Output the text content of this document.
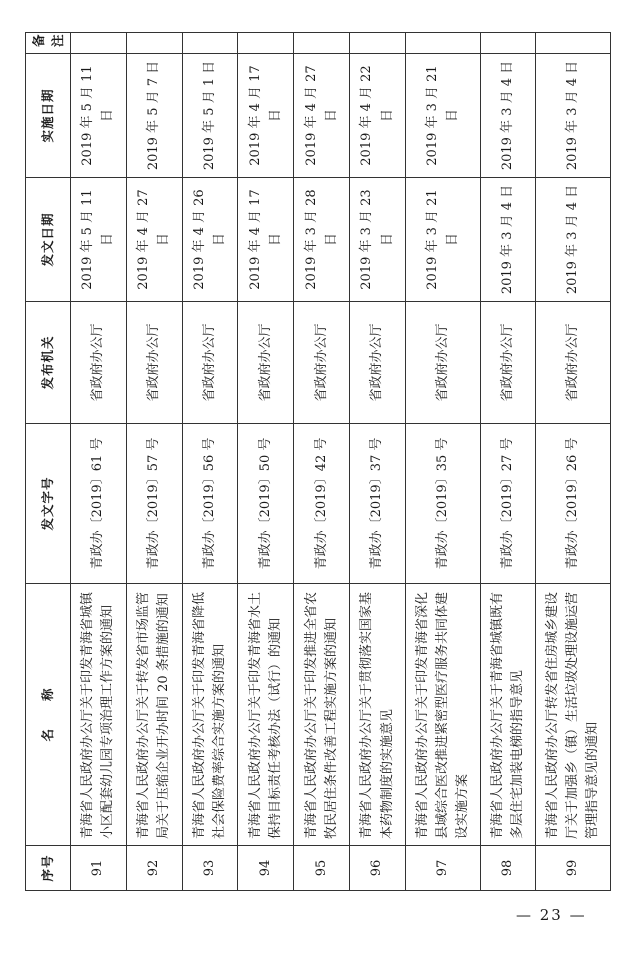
序号	名　　称	发文字号	发布机关	发文日期	实施日期	备注
91	青海省人民政府办公厅关于印发青海省城镇小区配套幼儿园专项治理工作方案的通知	青政办〔2019〕61 号	省政府办公厅	2019 年 5 月 11 日	2019 年 5 月 11 日	
92	青海省人民政府办公厅关于转发省市场监管局关于压缩企业开办时间 20 条措施的通知	青政办〔2019〕57 号	省政府办公厅	2019 年 4 月 27 日	2019 年 5 月 7 日	
93	青海省人民政府办公厅关于印发青海省降低社会保险费率综合实施方案的通知	青政办〔2019〕56 号	省政府办公厅	2019 年 4 月 26 日	2019 年 5 月 1 日	
94	青海省人民政府办公厅关于印发青海省水土保持目标责任考核办法（试行）的通知	青政办〔2019〕50 号	省政府办公厅	2019 年 4 月 17 日	2019 年 4 月 17 日	
95	青海省人民政府办公厅关于印发推进全省农牧民居住条件改善工程实施方案的通知	青政办〔2019〕42 号	省政府办公厅	2019 年 3 月 28 日	2019 年 4 月 27 日	
96	青海省人民政府办公厅关于贯彻落实国家基本药物制度的实施意见	青政办〔2019〕37 号	省政府办公厅	2019 年 3 月 23 日	2019 年 4 月 22 日	
97	青海省人民政府办公厅关于印发青海省深化县域综合医改推进紧密型医疗服务共同体建设实施方案	青政办〔2019〕35 号	省政府办公厅	2019 年 3 月 21 日	2019 年 3 月 21 日	
98	青海省人民政府办公厅关于青海省城镇既有多层住宅加装电梯的指导意见	青政办〔2019〕27 号	省政府办公厅	2019 年 3 月 4 日	2019 年 3 月 4 日	
99	青海省人民政府办公厅转发省住房城乡建设厅关于加强乡（镇）生活垃圾处理设施运营管理指导意见的通知	青政办〔2019〕26 号	省政府办公厅	2019 年 3 月 4 日	2019 年 3 月 4 日	
— 23 —
